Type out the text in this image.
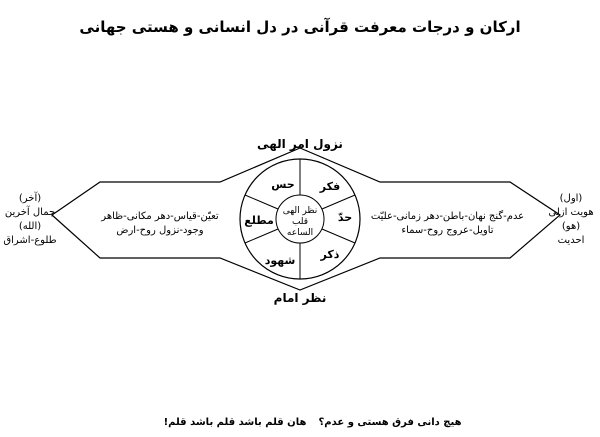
ارکان و درجات معرفت قرآنی در دل انسانی و هستی جهانی
نزول امر الهی
نظر امام
(آخر)
جمال آخرین
(الله)
طلوع-اشراق
(اول)
هویت ازلی
(هو)
احدیت
تعیّن-قیاس-دهر مکانی-ظاهر
وجود-نزول روح-ارض
عدم-گنج نهان-باطن-دهر زمانی-علیّت
تاویل-عروج روح-سماء
حس	فکر
حدّ
ذکر
شهود
مطلع
نظر الهی
قلب
الساعه
هان قلم باشد قلم باشد قلم!	هیچ دانی فرق هستی و عدم؟
